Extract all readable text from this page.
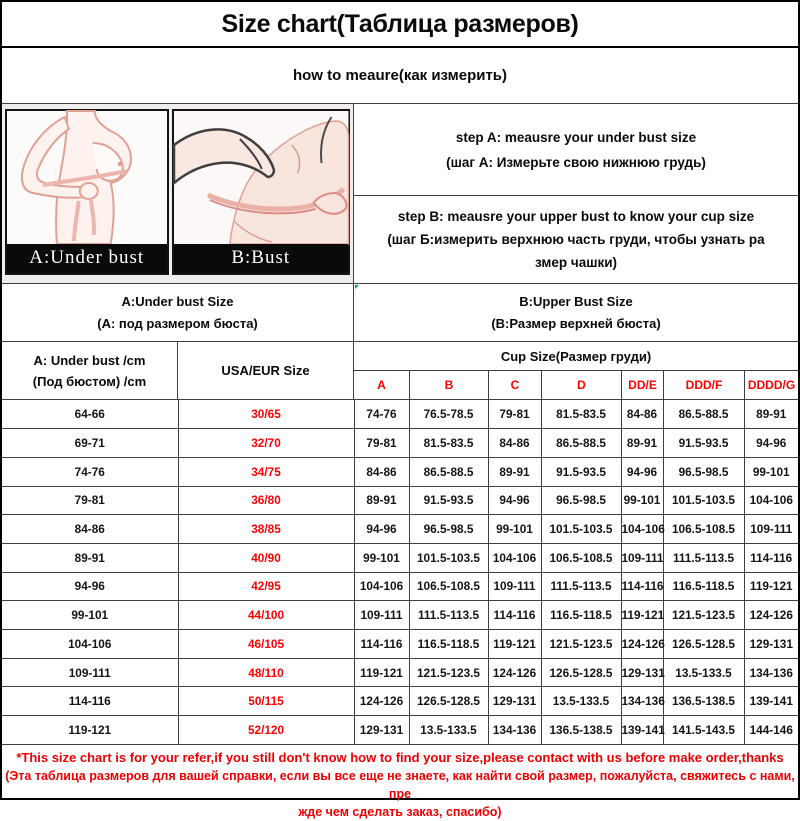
Size chart(Таблица размеров)
how to meaure(как измерить)
A:Under bust	B:Bust
step A: meausre your under bust size
(шаг А: Измерьте свою нижнюю грудь)
step B: meausre your upper bust to know your cup size
(шаг Б:измерить верхнюю часть груди, чтобы узнать ра
змер чашки)
A:Under bust Size
(A: под размером бюста)
B:Upper Bust Size
(B:Размер верхней бюста)
A: Under bust /cm
(Под бюстом) /cm
USA/EUR Size
Cup Size(Размер груди)
A	B	C	D	DD/E	DDD/F	DDDD/G
64-66	30/65	74-76	76.5-78.5	79-81	81.5-83.5	84-86	86.5-88.5	89-91
69-71	32/70	79-81	81.5-83.5	84-86	86.5-88.5	89-91	91.5-93.5	94-96
74-76	34/75	84-86	86.5-88.5	89-91	91.5-93.5	94-96	96.5-98.5	99-101
79-81	36/80	89-91	91.5-93.5	94-96	96.5-98.5	99-101	101.5-103.5	104-106
84-86	38/85	94-96	96.5-98.5	99-101	101.5-103.5	104-106	106.5-108.5	109-111
89-91	40/90	99-101	101.5-103.5	104-106	106.5-108.5	109-111	111.5-113.5	114-116
94-96	42/95	104-106	106.5-108.5	109-111	111.5-113.5	114-116	116.5-118.5	119-121
99-101	44/100	109-111	111.5-113.5	114-116	116.5-118.5	119-121	121.5-123.5	124-126
104-106	46/105	114-116	116.5-118.5	119-121	121.5-123.5	124-126	126.5-128.5	129-131
109-111	48/110	119-121	121.5-123.5	124-126	126.5-128.5	129-131	13.5-133.5	134-136
114-116	50/115	124-126	126.5-128.5	129-131	13.5-133.5	134-136	136.5-138.5	139-141
119-121	52/120	129-131	13.5-133.5	134-136	136.5-138.5	139-141	141.5-143.5	144-146
*This size chart is for your refer,if you still don't know how to find your size,please contact with us before make order,thanks
(Эта таблица размеров для вашей справки, если вы все еще не знаете, как найти свой размер, пожалуйста, свяжитесь с нами, пре
жде чем сделать заказ, спасибо)
